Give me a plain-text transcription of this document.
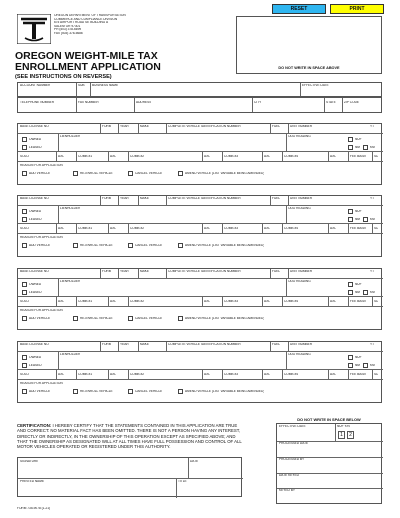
RESET	PRINT
OREGON DEPARTMENT OF TRANSPORTATION
COMMERCE AND COMPLIANCE DIVISION
675 AIRPORT ROAD SE BUILDING A
SALEM OR 97301
PH (503) 378-6699
FAX (503) 378-5686
DO NOT WRITE IN SPACE ABOVE
OREGON WEIGHT-MILE TAX
ENROLLMENT APPLICATION
(SEE INSTRUCTIONS ON REVERSE)
ACCOUNT NUMBER	SUB BUSINESS NAME	EFFECTIVE DATE
TELEPHONE NUMBER	FAX NUMBER	ADDRESS	CITY	STATE	ZIP CODE
BASE LICENSE NO	FORM	YEAR	MAKE	COMPLETE VEHICLE IDENTIFICATION NUMBER	FUEL	UNIT NUMBER	YT
OWNED
LEASED
LIENHOLDER	ODO READING
NUF
NM	KM
SOLO	AXL	COMB #1	AXL	COMB #2	AXL	COMB #3	AXL	COMB #4	AXL	FEE BASIS SD
REASON FOR APPLICATION
ADD VEHICLE	RE-ENROLL VEHICLE	CANCEL VEHICLE	AMEND VEHICLE (LIST VARIABLE BEING AMENDED)
BASE LICENSE NO	FORM	YEAR	MAKE	COMPLETE VEHICLE IDENTIFICATION NUMBER	FUEL	UNIT NUMBER	YT
OWNED
LEASED
LIENHOLDER	ODO READING
NUF
NM	KM
SOLO	AXL	COMB #1	AXL	COMB #2	AXL	COMB #3	AXL	COMB #4	AXL	FEE BASIS SD
REASON FOR APPLICATION
ADD VEHICLE	RE-ENROLL VEHICLE	CANCEL VEHICLE	AMEND VEHICLE (LIST VARIABLE BEING AMENDED)
BASE LICENSE NO	FORM	YEAR	MAKE	COMPLETE VEHICLE IDENTIFICATION NUMBER	FUEL	UNIT NUMBER	YT
OWNED
LEASED
LIENHOLDER	ODO READING
NUF
NM	KM
SOLO	AXL	COMB #1	AXL	COMB #2	AXL	COMB #3	AXL	COMB #4	AXL	FEE BASIS SD
REASON FOR APPLICATION
ADD VEHICLE	RE-ENROLL VEHICLE	CANCEL VEHICLE	AMEND VEHICLE (LIST VARIABLE BEING AMENDED)
BASE LICENSE NO	FORM	YEAR	MAKE	COMPLETE VEHICLE IDENTIFICATION NUMBER	FUEL	UNIT NUMBER	YT
OWNED
LEASED
LIENHOLDER	ODO READING
NUF
NM	KM
SOLO	AXL	COMB #1	AXL	COMB #2	AXL	COMB #3	AXL	COMB #4	AXL	FEE BASIS SD
REASON FOR APPLICATION
ADD VEHICLE	RE-ENROLL VEHICLE	CANCEL VEHICLE	AMEND VEHICLE (LIST VARIABLE BEING AMENDED)
CERTIFICATION: I HEREBY CERTIFY THAT THE STATEMENTS CONTAINED IN THIS APPLICATION ARE TRUE AND CORRECT: NO MATERIAL FACT HAS BEEN OMITTED. THERE IS NOT A PERSON HAVING ANY INTEREST, DIRECTLY OR INDIRECTLY, IN THE OWNERSHIP OF THIS OPERATION EXCEPT AS SPECIFIED ABOVE; AND THAT THE OWNERSHIP AS DESIGNATED WILL AT ALL TIMES HAVE FULL POSSESSION AND CONTROL OF ALL MOTOR VEHICLES OPERATED OR REGISTERED UNDER THIS AUTHORITY.
SIGNATURE	DATE
PRINTED NAME	TITLE
DO NOT WRITE IN SPACE BELOW
EFFECTIVE DATE	NUF Y/N
1	2
PROCESSED DATE
PROCESSED BY
DATE KEYED
KEYED BY
FORM 735-9078 (1-21)
